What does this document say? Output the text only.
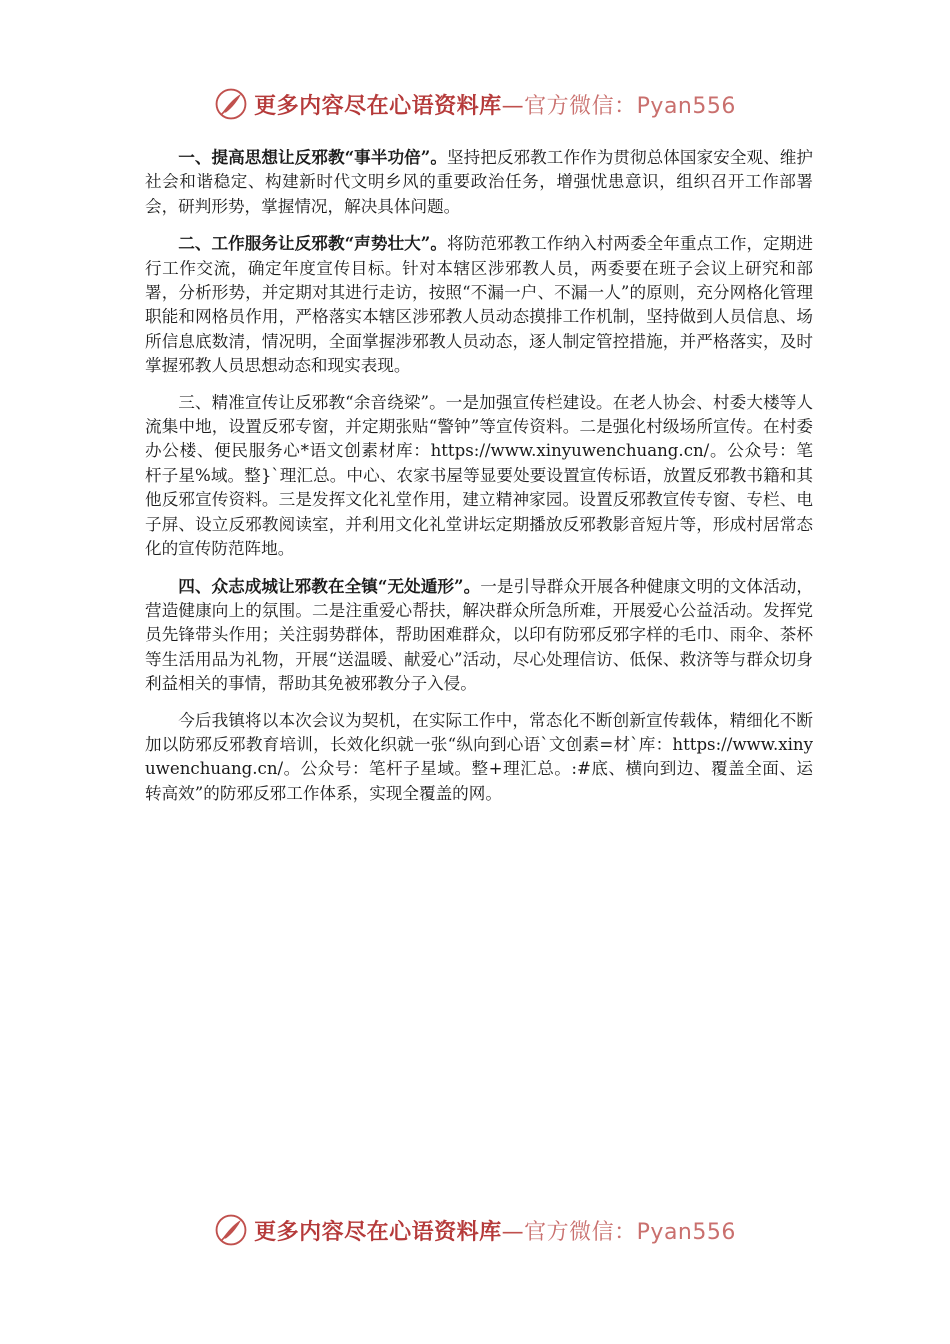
更多内容尽在心语资料库—官方微信：Pyan556

一、提高思想让反邪教“事半功倍”。坚持把反邪教工作作为贯彻总体国家安全观、维护社会和谐稳定、构建新时代文明乡风的重要政治任务，增强忧患意识，组织召开工作部署会，研判形势，掌握情况，解决具体问题。

二、工作服务让反邪教“声势壮大”。将防范邪教工作纳入村两委全年重点工作，定期进行工作交流，确定年度宣传目标。针对本辖区涉邪教人员，两委要在班子会议上研究和部署，分析形势，并定期对其进行走访，按照“不漏一户、不漏一人”的原则，充分网格化管理职能和网格员作用，严格落实本辖区涉邪教人员动态摸排工作机制，坚持做到人员信息、场所信息底数清，情况明，全面掌握涉邪教人员动态，逐人制定管控措施，并严格落实，及时掌握邪教人员思想动态和现实表现。

三、精准宣传让反邪教“余音绕梁”。一是加强宣传栏建设。在老人协会、村委大楼等人流集中地，设置反邪专窗，并定期张贴“警钟”等宣传资料。二是强化村级场所宣传。在村委办公楼、便民服务心*语文创素材库：https://www.xinyuwenchuang.cn/。公众号：笔杆子星%域。整}`理汇总。中心、农家书屋等显要处要设置宣传标语，放置反邪教书籍和其他反邪宣传资料。三是发挥文化礼堂作用，建立精神家园。设置反邪教宣传专窗、专栏、电子屏、设立反邪教阅读室，并利用文化礼堂讲坛定期播放反邪教影音短片等，形成村居常态化的宣传防范阵地。

四、众志成城让邪教在全镇“无处遁形”。一是引导群众开展各种健康文明的文体活动，营造健康向上的氛围。二是注重爱心帮扶，解决群众所急所难，开展爱心公益活动。发挥党员先锋带头作用；关注弱势群体，帮助困难群众，以印有防邪反邪字样的毛巾、雨伞、茶杯等生活用品为礼物，开展“送温暖、献爱心”活动，尽心处理信访、低保、救济等与群众切身利益相关的事情，帮助其免被邪教分子入侵。

今后我镇将以本次会议为契机，在实际工作中，常态化不断创新宣传载体，精细化不断加以防邪反邪教育培训，长效化织就一张“纵向到心语`文创素=材`库：https://www.xinyuwenchuang.cn/。公众号：笔杆子星域。整+理汇总。:#底、横向到边、覆盖全面、运转高效”的防邪反邪工作体系，实现全覆盖的网。

更多内容尽在心语资料库—官方微信：Pyan556
